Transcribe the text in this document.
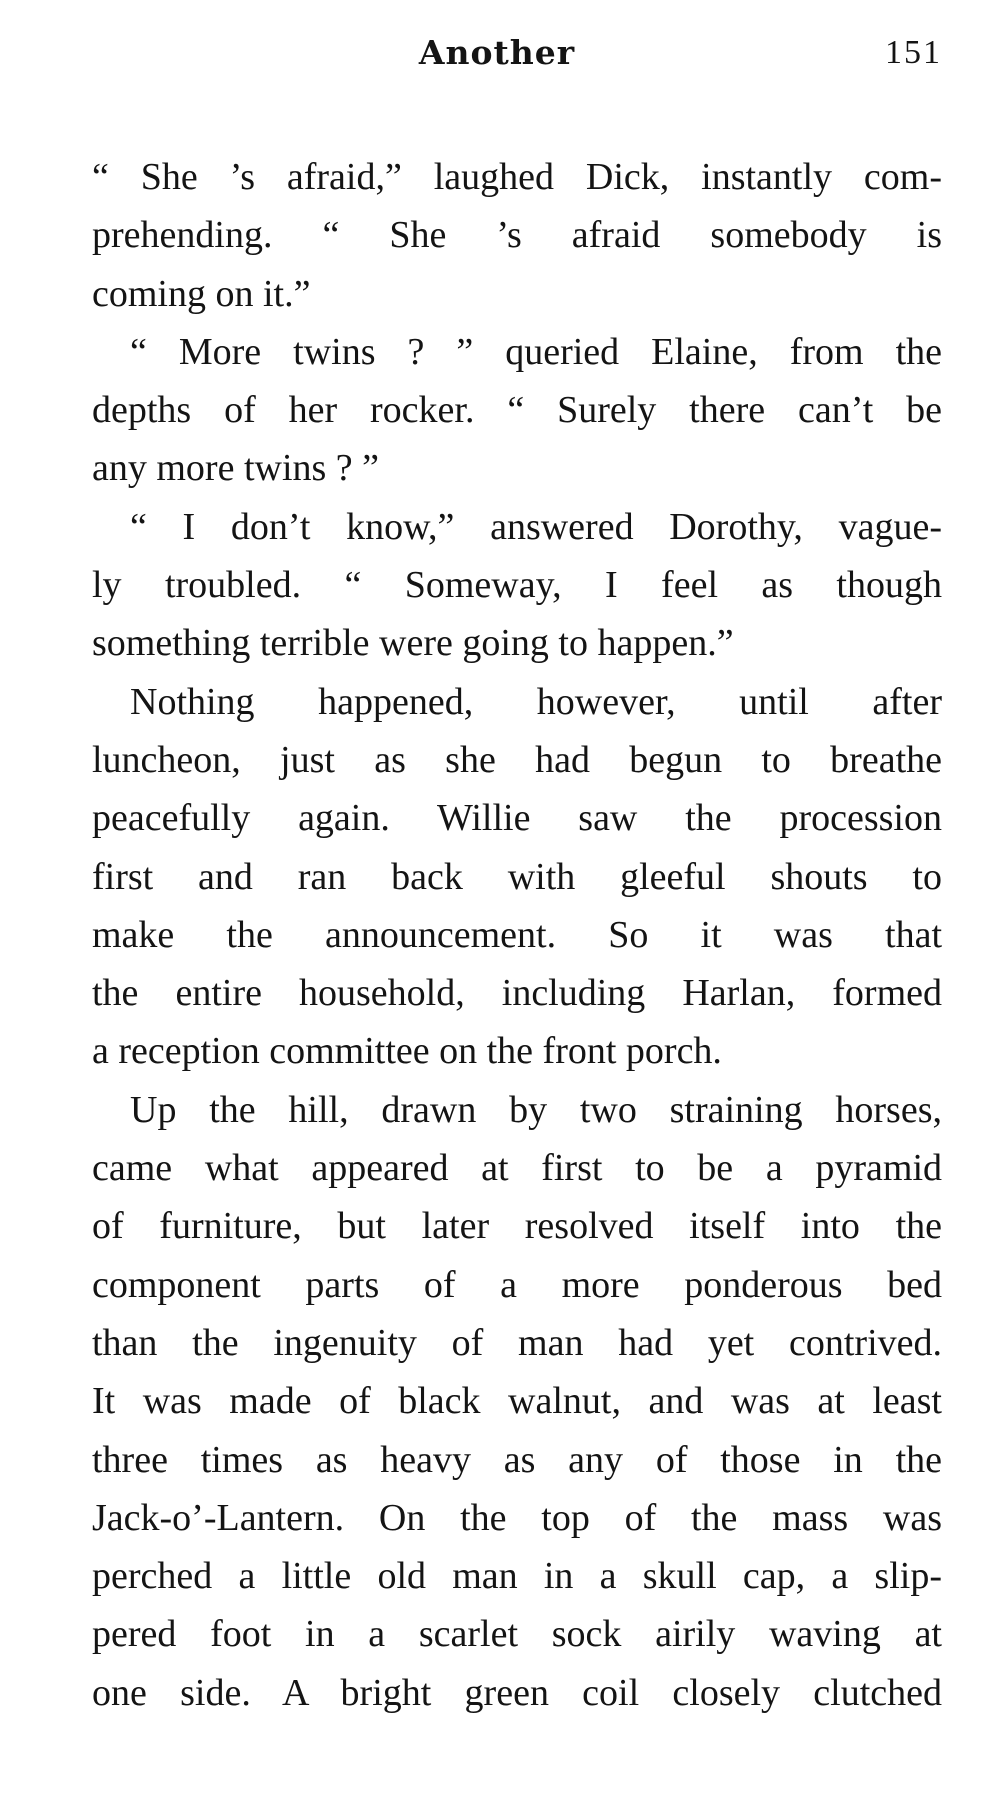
Another	151
“ She ’s afraid,” laughed Dick, instantly com-
prehending. “ She ’s afraid somebody is
coming on it.”
“ More twins ? ” queried Elaine, from the
depths of her rocker. “ Surely there can’t be
any more twins ? ”
“ I don’t know,” answered Dorothy, vague-
ly troubled. “ Someway, I feel as though
something terrible were going to happen.”
Nothing happened, however, until after
luncheon, just as she had begun to breathe
peacefully again. Willie saw the procession
first and ran back with gleeful shouts to
make the announcement. So it was that
the entire household, including Harlan, formed
a reception committee on the front porch.
Up the hill, drawn by two straining horses,
came what appeared at first to be a pyramid
of furniture, but later resolved itself into the
component parts of a more ponderous bed
than the ingenuity of man had yet contrived.
It was made of black walnut, and was at least
three times as heavy as any of those in the
Jack-o’-Lantern. On the top of the mass was
perched a little old man in a skull cap, a slip-
pered foot in a scarlet sock airily waving at
one side. A bright green coil closely clutched
